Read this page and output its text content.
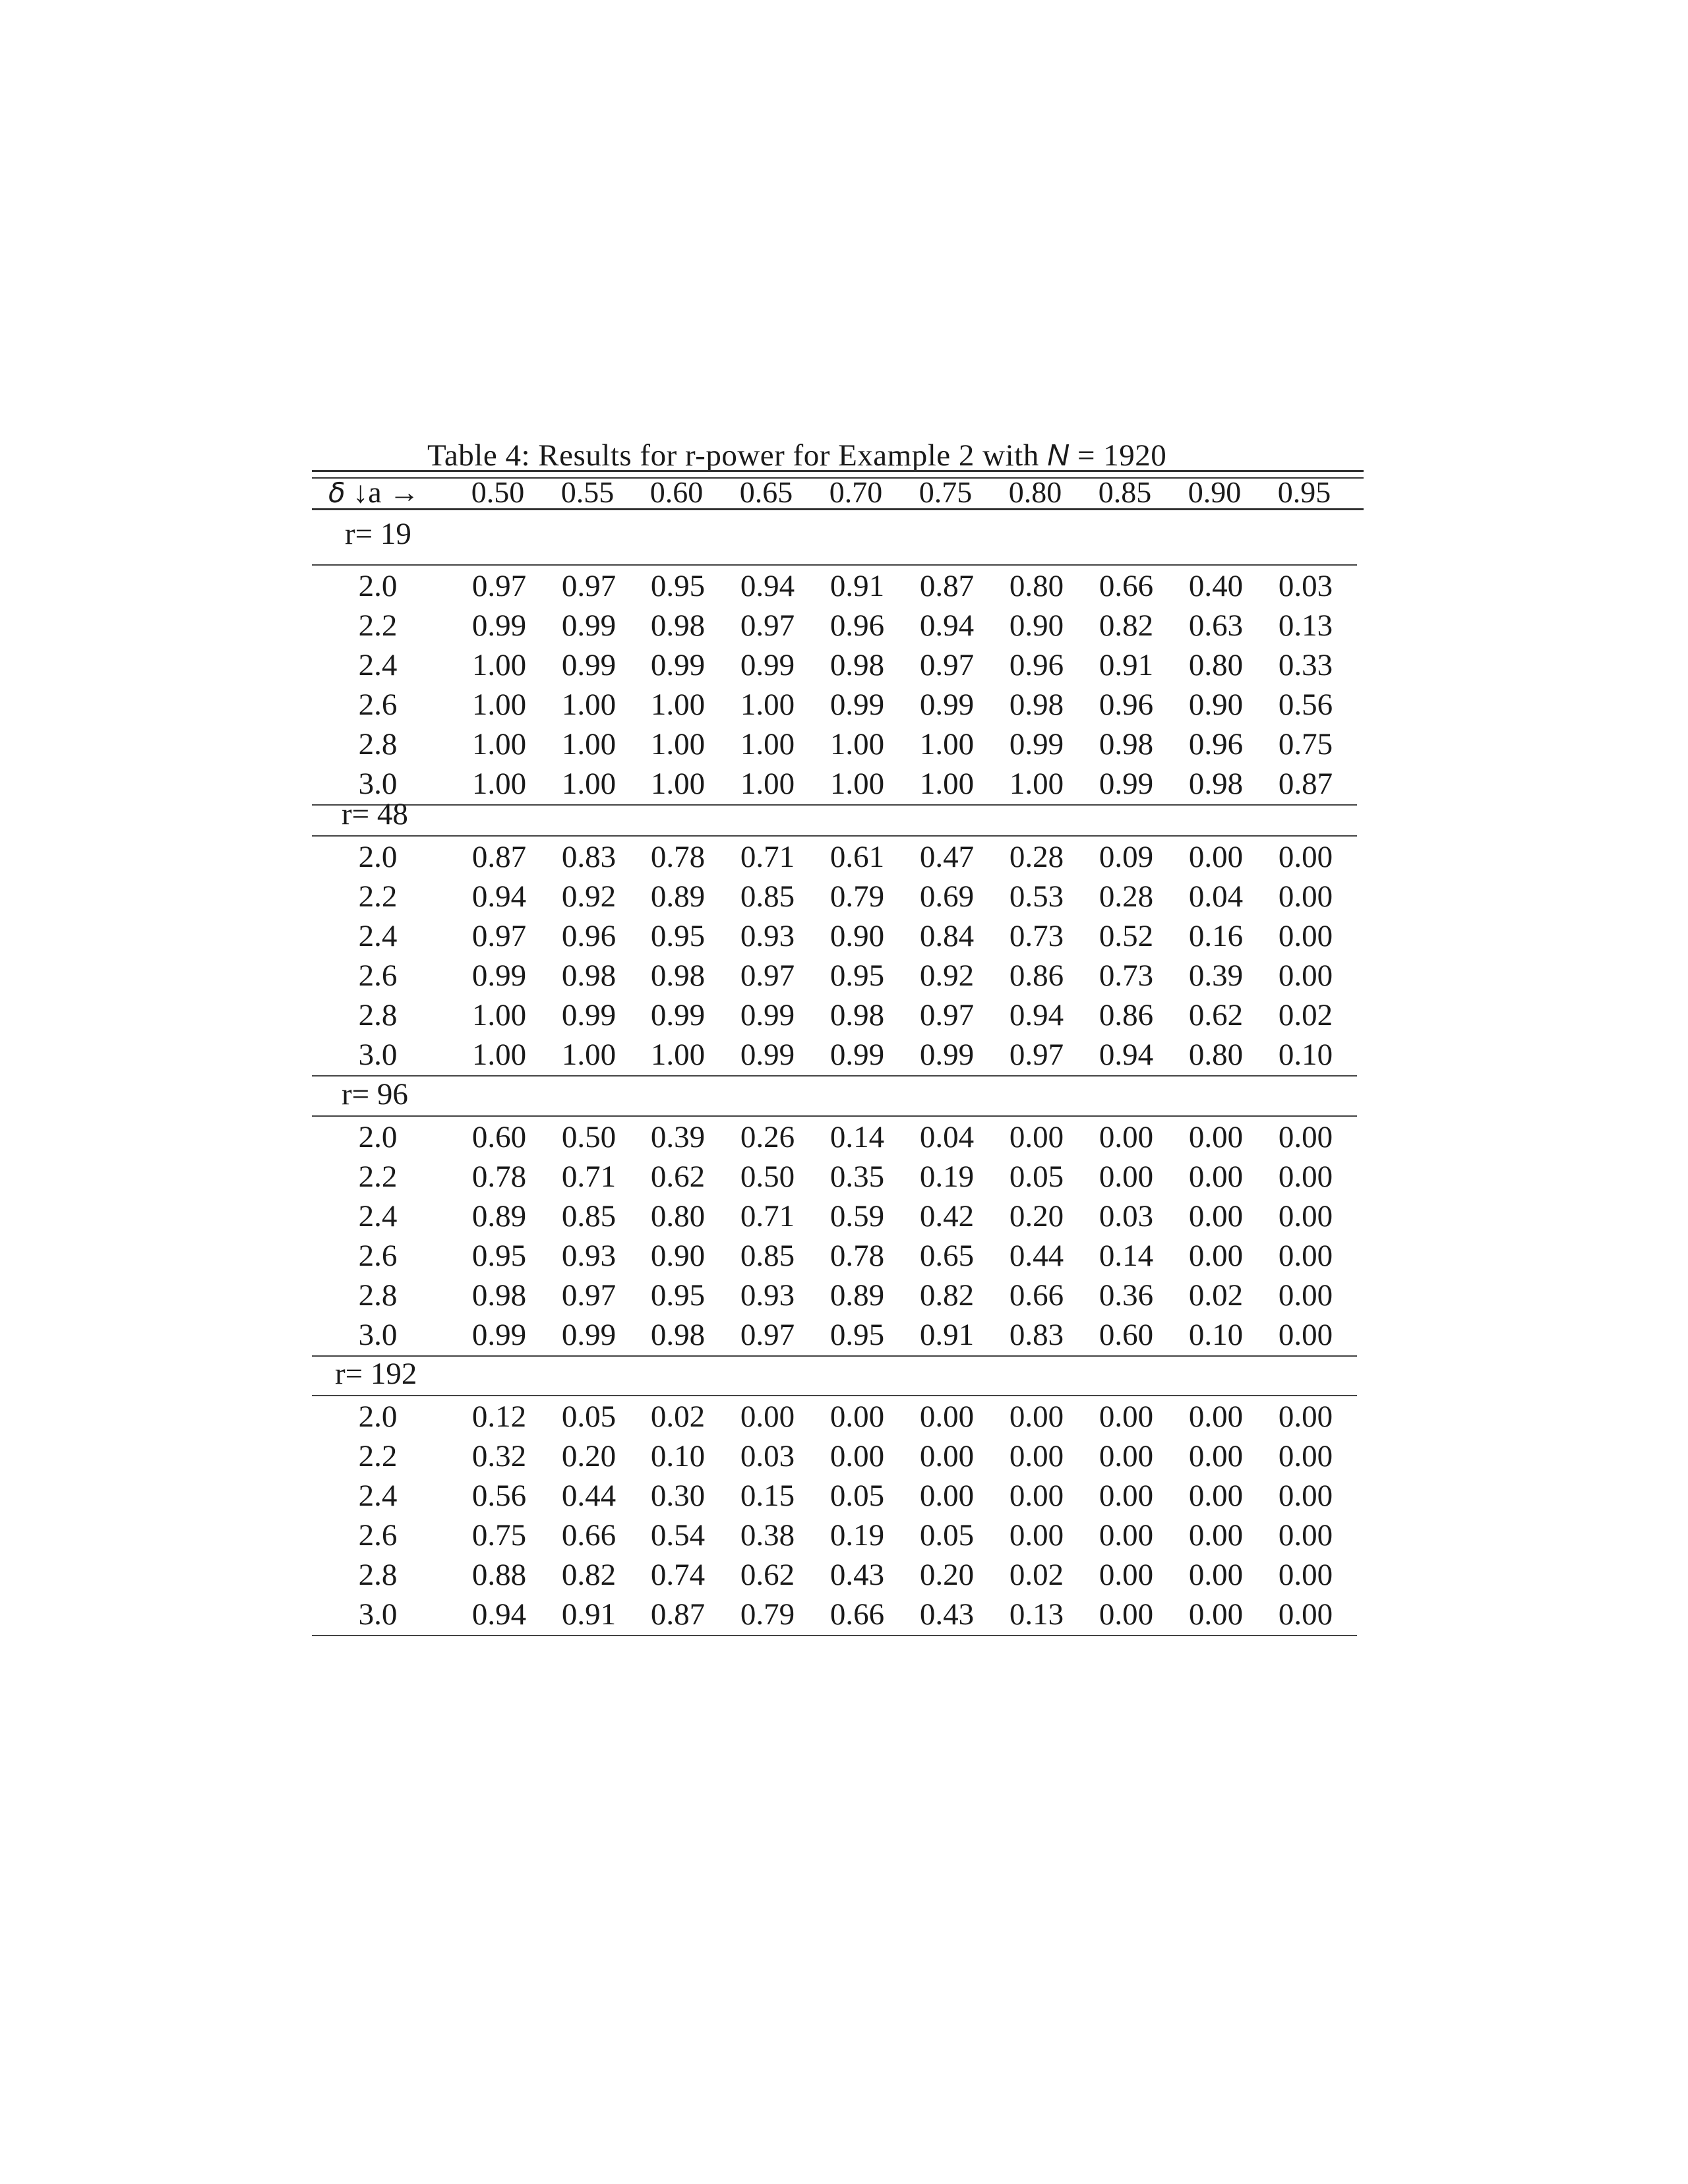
Table 4: Results for r-power for Example 2 with N = 1920
δ ↓a →	0.50	0.55	0.60	0.65	0.70	0.75	0.80	0.85	0.90	0.95
r= 19
2.0	0.97	0.97	0.95	0.94	0.91	0.87	0.80	0.66	0.40	0.03
2.2	0.99	0.99	0.98	0.97	0.96	0.94	0.90	0.82	0.63	0.13
2.4	1.00	0.99	0.99	0.99	0.98	0.97	0.96	0.91	0.80	0.33
2.6	1.00	1.00	1.00	1.00	0.99	0.99	0.98	0.96	0.90	0.56
2.8	1.00	1.00	1.00	1.00	1.00	1.00	0.99	0.98	0.96	0.75
3.0	1.00	1.00	1.00	1.00	1.00	1.00	1.00	0.99	0.98	0.87
r= 48
2.0	0.87	0.83	0.78	0.71	0.61	0.47	0.28	0.09	0.00	0.00
2.2	0.94	0.92	0.89	0.85	0.79	0.69	0.53	0.28	0.04	0.00
2.4	0.97	0.96	0.95	0.93	0.90	0.84	0.73	0.52	0.16	0.00
2.6	0.99	0.98	0.98	0.97	0.95	0.92	0.86	0.73	0.39	0.00
2.8	1.00	0.99	0.99	0.99	0.98	0.97	0.94	0.86	0.62	0.02
3.0	1.00	1.00	1.00	0.99	0.99	0.99	0.97	0.94	0.80	0.10
r= 96
2.0	0.60	0.50	0.39	0.26	0.14	0.04	0.00	0.00	0.00	0.00
2.2	0.78	0.71	0.62	0.50	0.35	0.19	0.05	0.00	0.00	0.00
2.4	0.89	0.85	0.80	0.71	0.59	0.42	0.20	0.03	0.00	0.00
2.6	0.95	0.93	0.90	0.85	0.78	0.65	0.44	0.14	0.00	0.00
2.8	0.98	0.97	0.95	0.93	0.89	0.82	0.66	0.36	0.02	0.00
3.0	0.99	0.99	0.98	0.97	0.95	0.91	0.83	0.60	0.10	0.00
r= 192
2.0	0.12	0.05	0.02	0.00	0.00	0.00	0.00	0.00	0.00	0.00
2.2	0.32	0.20	0.10	0.03	0.00	0.00	0.00	0.00	0.00	0.00
2.4	0.56	0.44	0.30	0.15	0.05	0.00	0.00	0.00	0.00	0.00
2.6	0.75	0.66	0.54	0.38	0.19	0.05	0.00	0.00	0.00	0.00
2.8	0.88	0.82	0.74	0.62	0.43	0.20	0.02	0.00	0.00	0.00
3.0	0.94	0.91	0.87	0.79	0.66	0.43	0.13	0.00	0.00	0.00
